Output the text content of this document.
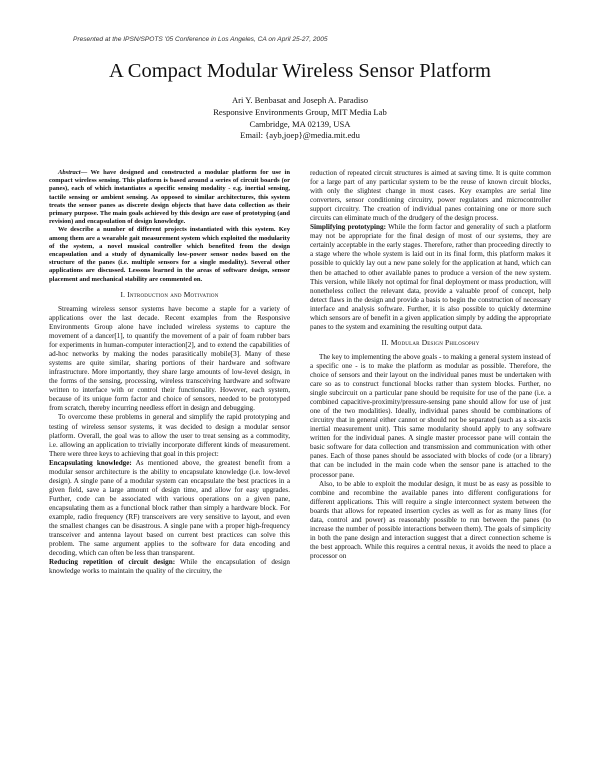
Presented at the IPSN/SPOTS '05 Conference in Los Angeles, CA on April 25-27, 2005
A Compact Modular Wireless Sensor Platform
Ari Y. Benbasat and Joseph A. Paradiso
Responsive Environments Group, MIT Media Lab
Cambridge, MA 02139, USA
Email: {ayb,joep}@media.mit.edu

Abstract— We have designed and constructed a modular platform for use in compact wireless sensing. This platform is based around a series of circuit boards (or panes), each of which instantiates a specific sensing modality - e.g. inertial sensing, tactile sensing or ambient sensing. As opposed to similar architectures, this system treats the sensor panes as discrete design objects that have data collection as their primary purpose. The main goals achieved by this design are ease of prototyping (and revision) and encapsulation of design knowledge.

We describe a number of different projects instantiated with this system. Key among them are a wearable gait measurement system which exploited the modularity of the system, a novel musical controller which benefited from the design encapsulation and a study of dynamically low-power sensor nodes based on the structure of the panes (i.e. multiple sensors for a single modality). Several other applications are discussed. Lessons learned in the areas of software design, sensor placement and mechanical stability are commented on.

I. Introduction and Motivation

Streaming wireless sensor systems have become a staple for a variety of applications over the last decade. Recent examples from the Responsive Environments Group alone have included wireless systems to capture the movement of a dancer[1], to quantify the movement of a pair of foam rubber bars for experiments in human-computer interaction[2], and to extend the capabilities of ad-hoc networks by making the nodes parasitically mobile[3]. Many of these systems are quite similar, sharing portions of their hardware and software infrastructure. More importantly, they share large amounts of low-level design, in the forms of the sensing, processing, wireless transceiving hardware and software written to interface with or control their functionality. However, each system, because of its unique form factor and choice of sensors, needed to be prototyped from scratch, thereby incurring needless effort in design and debugging.

To overcome these problems in general and simplify the rapid prototyping and testing of wireless sensor systems, it was decided to design a modular sensor platform. Overall, the goal was to allow the user to treat sensing as a commodity, i.e. allowing an application to trivially incorporate different kinds of measurement. There were three keys to achieving that goal in this project:

Encapsulating knowledge: As mentioned above, the greatest benefit from a modular sensor architecture is the ability to encapsulate knowledge (i.e. low-level design). A single pane of a modular system can encapsulate the best practices in a given field, save a large amount of design time, and allow for easy upgrades. Further, code can be associated with various operations on a given pane, encapsulating them as a functional block rather than simply a hardware block. For example, radio frequency (RF) transceivers are very sensitive to layout, and even the smallest changes can be disastrous. A single pane with a proper high-frequency transceiver and antenna layout based on current best practices can solve this problem. The same argument applies to the software for data encoding and decoding, which can often be less than transparent.

Reducing repetition of circuit design: While the encapsulation of design knowledge works to maintain the quality of the circuitry, the

reduction of repeated circuit structures is aimed at saving time. It is quite common for a large part of any particular system to be the reuse of known circuit blocks, with only the slightest change in most cases. Key examples are serial line converters, sensor conditioning circuitry, power regulators and microcontroller support circuitry. The creation of individual panes containing one or more such circuits can eliminate much of the drudgery of the design process.

Simplifying prototyping: While the form factor and generality of such a platform may not be appropriate for the final design of most of our systems, they are certainly acceptable in the early stages. Therefore, rather than proceeding directly to a stage where the whole system is laid out in its final form, this platform makes it possible to quickly lay out a new pane solely for the application at hand, which can then be attached to other available panes to produce a version of the new system. This version, while likely not optimal for final deployment or mass production, will nonetheless collect the relevant data, provide a valuable proof of concept, help detect flaws in the design and provide a basis to begin the construction of necessary interface and analysis software. Further, it is also possible to quickly determine which sensors are of benefit in a given application simply by adding the appropriate panes to the system and examining the resulting output data.

II. Modular Design Philosophy

The key to implementing the above goals - to making a general system instead of a specific one - is to make the platform as modular as possible. Therefore, the choice of sensors and their layout on the individual panes must be undertaken with care so as to construct functional blocks rather than system blocks. Further, no single subcircuit on a particular pane should be requisite for use of the pane (i.e. a combined capacitive-proximity/pressure-sensing pane should allow for use of just one of the two modalities). Ideally, individual panes should be combinations of circuitry that in general either cannot or should not be separated (such as a six-axis inertial measurement unit). This same modularity should apply to any software written for the individual panes. A single master processor pane will contain the basic software for data collection and transmission and communication with other panes. Each of those panes should be associated with blocks of code (or a library) that can be included in the main code when the sensor pane is attached to the processor pane.

Also, to be able to exploit the modular design, it must be as easy as possible to combine and recombine the available panes into different configurations for different applications. This will require a single interconnect system between the boards that allows for repeated insertion cycles as well as for as many lines (for data, control and power) as reasonably possible to run between the panes (to increase the number of possible interactions between them). The goals of simplicity in both the pane design and interaction suggest that a direct connection scheme is the best approach. While this requires a central nexus, it avoids the need to place a processor on
